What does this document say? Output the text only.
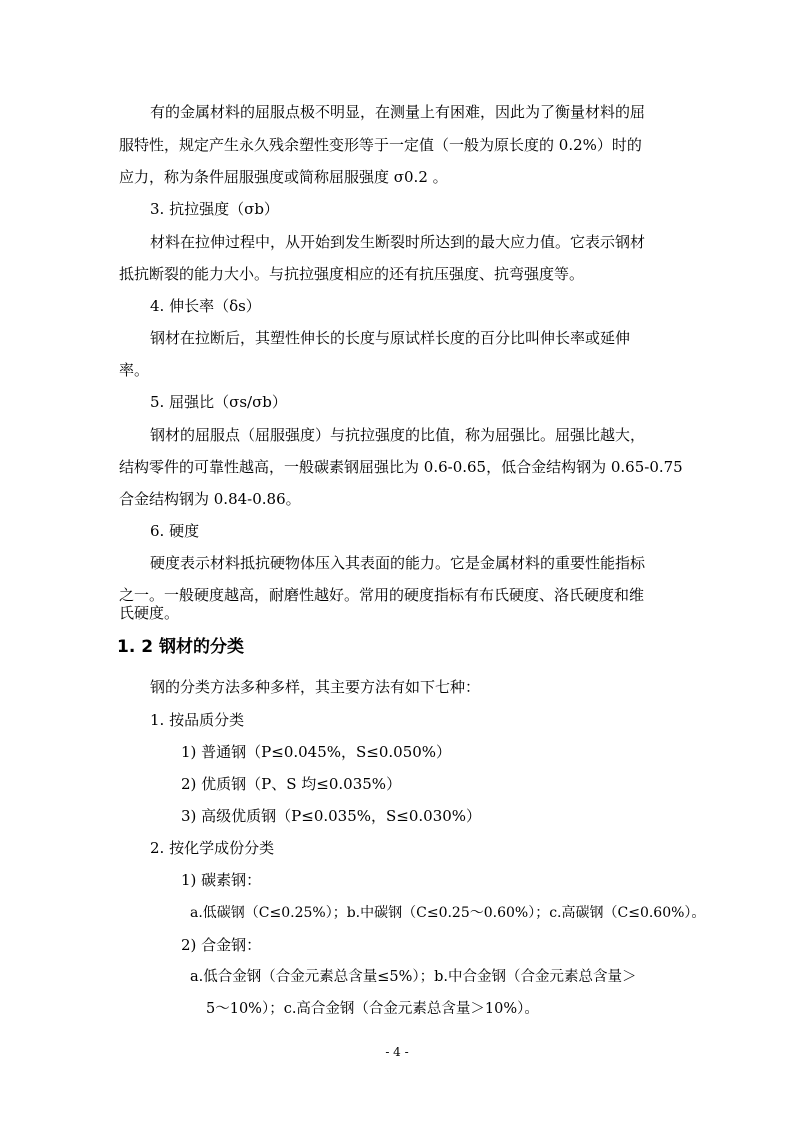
有的金属材料的屈服点极不明显，在测量上有困难，因此为了衡量材料的屈
服特性，规定产生永久残余塑性变形等于一定值（一般为原长度的 0.2%）时的
应力，称为条件屈服强度或简称屈服强度 σ0.2 。
3. 抗拉强度（σb）
材料在拉伸过程中，从开始到发生断裂时所达到的最大应力值。它表示钢材
抵抗断裂的能力大小。与抗拉强度相应的还有抗压强度、抗弯强度等。
4. 伸长率（δs）
钢材在拉断后，其塑性伸长的长度与原试样长度的百分比叫伸长率或延伸
率。
5. 屈强比（σs/σb）
钢材的屈服点（屈服强度）与抗拉强度的比值，称为屈强比。屈强比越大，
结构零件的可靠性越高，一般碳素钢屈强比为 0.6-0.65，低合金结构钢为 0.65-0.75
合金结构钢为 0.84-0.86。
6. 硬度
硬度表示材料抵抗硬物体压入其表面的能力。它是金属材料的重要性能指标
之一。一般硬度越高，耐磨性越好。常用的硬度指标有布氏硬度、洛氏硬度和维
氏硬度。
1. 2 钢材的分类
钢的分类方法多种多样，其主要方法有如下七种：
1. 按品质分类
1) 普通钢（P≤0.045%，S≤0.050%）
2) 优质钢（P、S 均≤0.035%）
3) 高级优质钢（P≤0.035%，S≤0.030%）
2. 按化学成份分类
1) 碳素钢：
a.低碳钢（C≤0.25%）；b.中碳钢（C≤0.25～0.60%）；c.高碳钢（C≤0.60%）。
2) 合金钢：
a.低合金钢（合金元素总含量≤5%）；b.中合金钢（合金元素总含量＞
5～10%）；c.高合金钢（合金元素总含量＞10%）。
- 4 -
